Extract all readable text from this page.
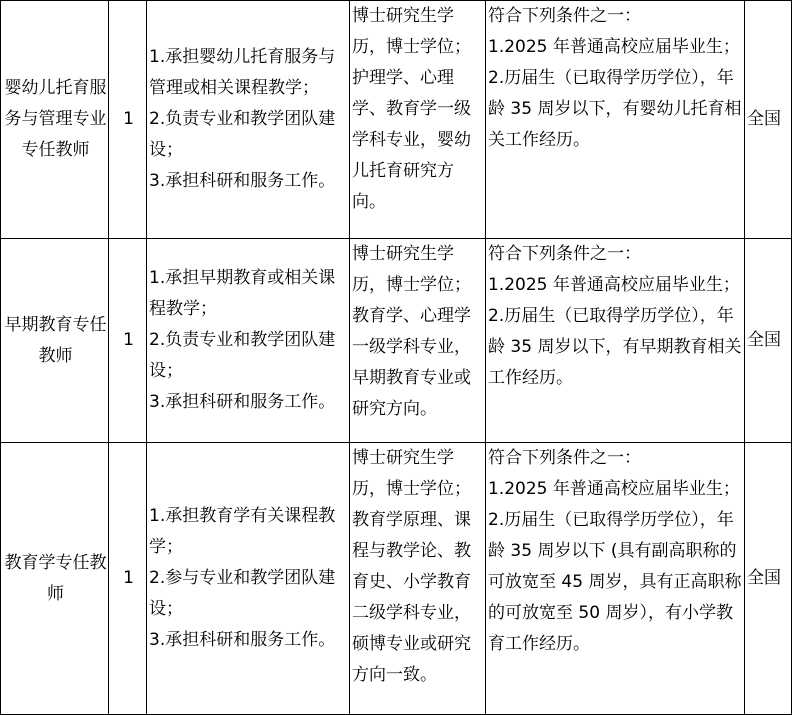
婴幼儿托育服务与管理专业专任教师	1	1.承担婴幼儿托育服务与管理或相关课程教学；
2.负责专业和教学团队建设；
3.承担科研和服务工作。	博士研究生学历，博士学位；护理学、心理学、教育学一级学科专业，婴幼儿托育研究方向。	符合下列条件之一：
1.2025 年普通高校应届毕业生；
2.历届生（已取得学历学位），年龄 35 周岁以下，有婴幼儿托育相关工作经历。	全国
早期教育专任教师	1	1.承担早期教育或相关课程教学；
2.负责专业和教学团队建设；
3.承担科研和服务工作。	博士研究生学历，博士学位；教育学、心理学一级学科专业，早期教育专业或研究方向。	符合下列条件之一：
1.2025 年普通高校应届毕业生；
2.历届生（已取得学历学位），年龄 35 周岁以下，有早期教育相关工作经历。	全国
教育学专任教师	1	1.承担教育学有关课程教学；
2.参与专业和教学团队建设；
3.承担科研和服务工作。	博士研究生学历，博士学位；教育学原理、课程与教学论、教育史、小学教育二级学科专业，硕博专业或研究方向一致。	符合下列条件之一：
1.2025 年普通高校应届毕业生；
2.历届生（已取得学历学位），年龄 35 周岁以下 (具有副高职称的可放宽至 45 周岁，具有正高职称的可放宽至 50 周岁），有小学教育工作经历。	全国
